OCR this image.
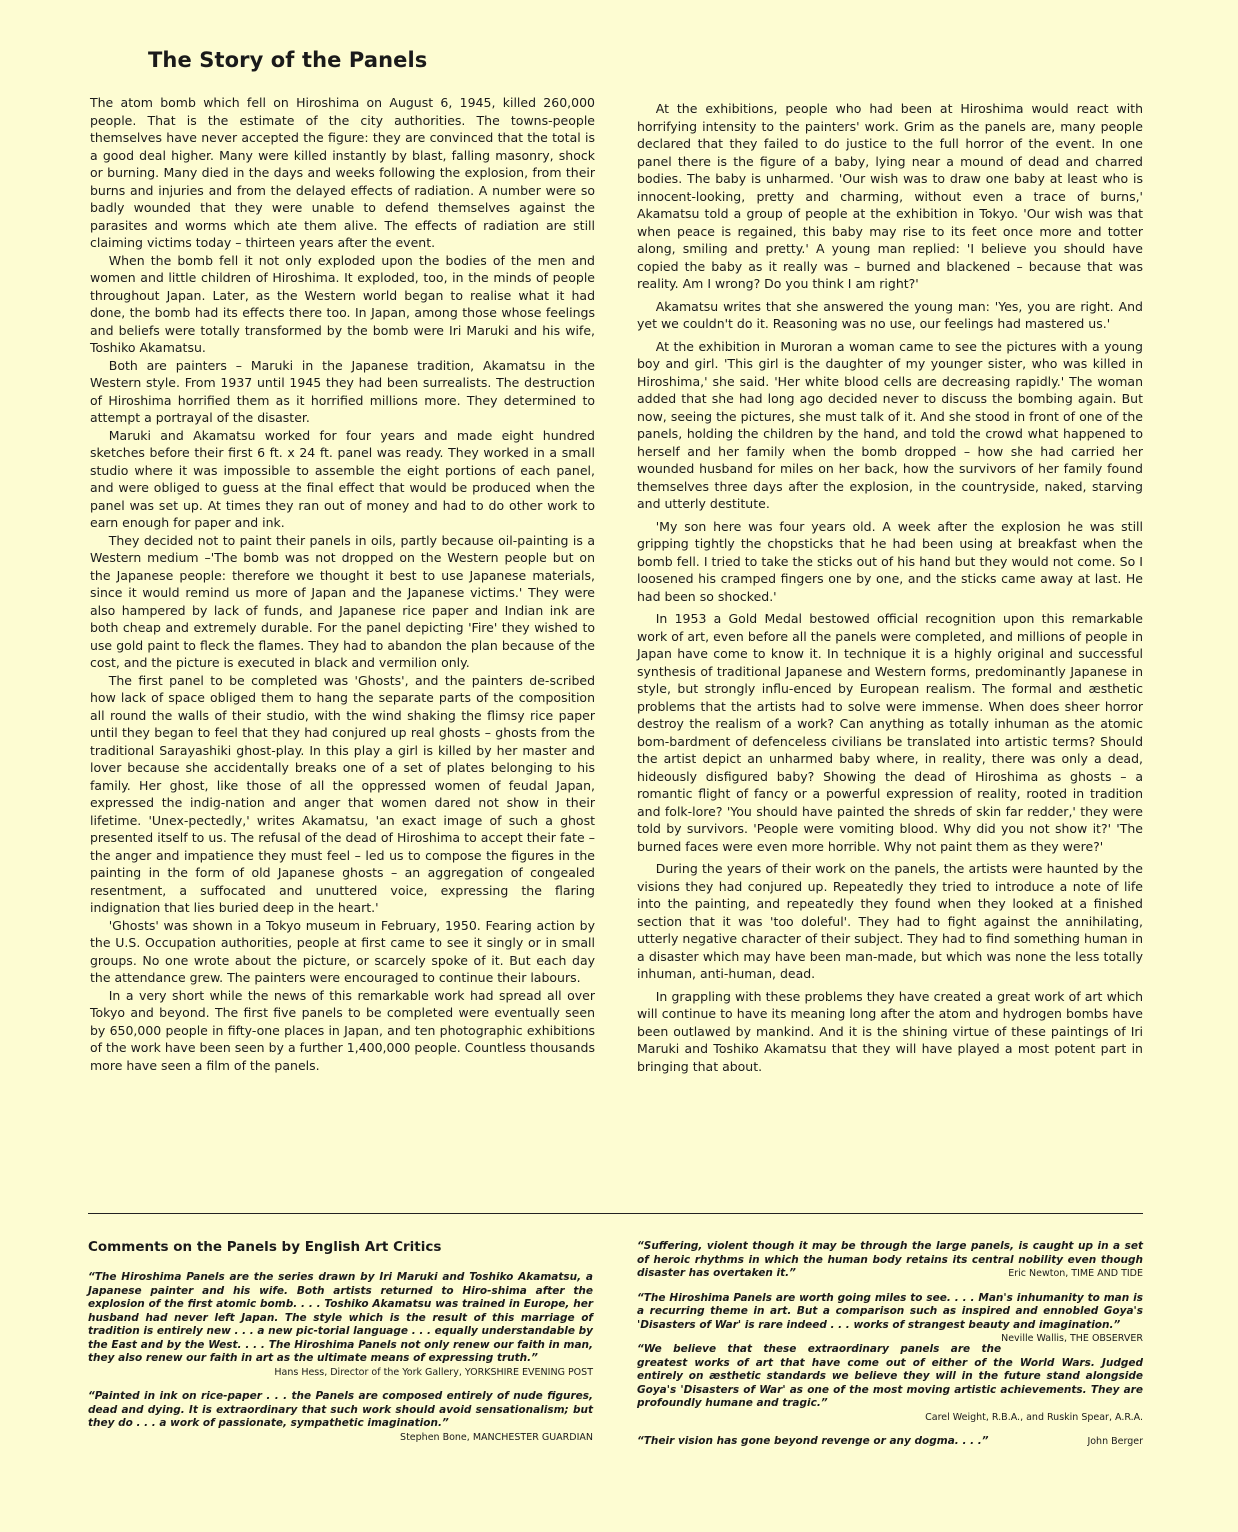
The Story of the Panels

The atom bomb which fell on Hiroshima on August 6, 1945, killed 260,000 people. That is the estimate of the city authorities. The towns-people themselves have never accepted the figure: they are convinced that the total is a good deal higher. Many were killed instantly by blast, falling masonry, shock or burning. Many died in the days and weeks following the explosion, from their burns and injuries and from the delayed effects of radiation. A number were so badly wounded that they were unable to defend themselves against the parasites and worms which ate them alive. The effects of radiation are still claiming victims today – thirteen years after the event.

When the bomb fell it not only exploded upon the bodies of the men and women and little children of Hiroshima. It exploded, too, in the minds of people throughout Japan. Later, as the Western world began to realise what it had done, the bomb had its effects there too. In Japan, among those whose feelings and beliefs were totally transformed by the bomb were Iri Maruki and his wife, Toshiko Akamatsu.

Both are painters – Maruki in the Japanese tradition, Akamatsu in the Western style. From 1937 until 1945 they had been surrealists. The destruction of Hiroshima horrified them as it horrified millions more. They determined to attempt a portrayal of the disaster.

Maruki and Akamatsu worked for four years and made eight hundred sketches before their first 6 ft. x 24 ft. panel was ready. They worked in a small studio where it was impossible to assemble the eight portions of each panel, and were obliged to guess at the final effect that would be produced when the panel was set up. At times they ran out of money and had to do other work to earn enough for paper and ink.

They decided not to paint their panels in oils, partly because oil-painting is a Western medium –'The bomb was not dropped on the Western people but on the Japanese people: therefore we thought it best to use Japanese materials, since it would remind us more of Japan and the Japanese victims.' They were also hampered by lack of funds, and Japanese rice paper and Indian ink are both cheap and extremely durable. For the panel depicting 'Fire' they wished to use gold paint to fleck the flames. They had to abandon the plan because of the cost, and the picture is executed in black and vermilion only.

The first panel to be completed was 'Ghosts', and the painters de-scribed how lack of space obliged them to hang the separate parts of the composition all round the walls of their studio, with the wind shaking the flimsy rice paper until they began to feel that they had conjured up real ghosts – ghosts from the traditional Sarayashiki ghost-play. In this play a girl is killed by her master and lover because she accidentally breaks one of a set of plates belonging to his family. Her ghost, like those of all the oppressed women of feudal Japan, expressed the indig-nation and anger that women dared not show in their lifetime. 'Unex-pectedly,' writes Akamatsu, 'an exact image of such a ghost presented itself to us. The refusal of the dead of Hiroshima to accept their fate – the anger and impatience they must feel – led us to compose the figures in the painting in the form of old Japanese ghosts – an aggregation of congealed resentment, a suffocated and unuttered voice, expressing the flaring indignation that lies buried deep in the heart.'

'Ghosts' was shown in a Tokyo museum in February, 1950. Fearing action by the U.S. Occupation authorities, people at first came to see it singly or in small groups. No one wrote about the picture, or scarcely spoke of it. But each day the attendance grew. The painters were encouraged to continue their labours.

In a very short while the news of this remarkable work had spread all over Tokyo and beyond. The first five panels to be completed were eventually seen by 650,000 people in fifty-one places in Japan, and ten photographic exhibitions of the work have been seen by a further 1,400,000 people. Countless thousands more have seen a film of the panels.

At the exhibitions, people who had been at Hiroshima would react with horrifying intensity to the painters' work. Grim as the panels are, many people declared that they failed to do justice to the full horror of the event. In one panel there is the figure of a baby, lying near a mound of dead and charred bodies. The baby is unharmed. 'Our wish was to draw one baby at least who is innocent-looking, pretty and charming, without even a trace of burns,' Akamatsu told a group of people at the exhibition in Tokyo. 'Our wish was that when peace is regained, this baby may rise to its feet once more and totter along, smiling and pretty.' A young man replied: 'I believe you should have copied the baby as it really was – burned and blackened – because that was reality. Am I wrong? Do you think I am right?'

Akamatsu writes that she answered the young man: 'Yes, you are right. And yet we couldn't do it. Reasoning was no use, our feelings had mastered us.'

At the exhibition in Muroran a woman came to see the pictures with a young boy and girl. 'This girl is the daughter of my younger sister, who was killed in Hiroshima,' she said. 'Her white blood cells are decreasing rapidly.' The woman added that she had long ago decided never to discuss the bombing again. But now, seeing the pictures, she must talk of it. And she stood in front of one of the panels, holding the children by the hand, and told the crowd what happened to herself and her family when the bomb dropped – how she had carried her wounded husband for miles on her back, how the survivors of her family found themselves three days after the explosion, in the countryside, naked, starving and utterly destitute.

'My son here was four years old. A week after the explosion he was still gripping tightly the chopsticks that he had been using at breakfast when the bomb fell. I tried to take the sticks out of his hand but they would not come. So I loosened his cramped fingers one by one, and the sticks came away at last. He had been so shocked.'

In 1953 a Gold Medal bestowed official recognition upon this remarkable work of art, even before all the panels were completed, and millions of people in Japan have come to know it. In technique it is a highly original and successful synthesis of traditional Japanese and Western forms, predominantly Japanese in style, but strongly influ-enced by European realism. The formal and æsthetic problems that the artists had to solve were immense. When does sheer horror destroy the realism of a work? Can anything as totally inhuman as the atomic bom-bardment of defenceless civilians be translated into artistic terms? Should the artist depict an unharmed baby where, in reality, there was only a dead, hideously disfigured baby? Showing the dead of Hiroshima as ghosts – a romantic flight of fancy or a powerful expression of reality, rooted in tradition and folk-lore? 'You should have painted the shreds of skin far redder,' they were told by survivors. 'People were vomiting blood. Why did you not show it?' 'The burned faces were even more horrible. Why not paint them as they were?'

During the years of their work on the panels, the artists were haunted by the visions they had conjured up. Repeatedly they tried to introduce a note of life into the painting, and repeatedly they found when they looked at a finished section that it was 'too doleful'. They had to fight against the annihilating, utterly negative character of their subject. They had to find something human in a disaster which may have been man-made, but which was none the less totally inhuman, anti-human, dead.

In grappling with these problems they have created a great work of art which will continue to have its meaning long after the atom and hydrogen bombs have been outlawed by mankind. And it is the shining virtue of these paintings of Iri Maruki and Toshiko Akamatsu that they will have played a most potent part in bringing that about.

Comments on the Panels by English Art Critics
“The Hiroshima Panels are the series drawn by Iri Maruki and Toshiko Akamatsu, a Japanese painter and his wife. Both artists returned to Hiro-shima after the explosion of the first atomic bomb. . . . Toshiko Akamatsu was trained in Europe, her husband had never left Japan. The style which is the result of this marriage of tradition is entirely new . . . a new pic-torial language . . . equally understandable by the East and by the West. . . . The Hiroshima Panels not only renew our faith in man, they also renew our faith in art as the ultimate means of expressing truth.”
Hans Hess, Director of the York Gallery, YORKSHIRE EVENING POST
“Painted in ink on rice-paper . . . the Panels are composed entirely of nude figures, dead and dying. It is extraordinary that such work should avoid sensationalism; but they do . . . a work of passionate, sympathetic imagination.”
Stephen Bone, MANCHESTER GUARDIAN
“Suffering, violent though it may be through the large panels, is caught up in a set of heroic rhythms in which the human body retains its central nobility even though disaster has overtaken it.”	Eric Newton, TIME AND TIDE
“The Hiroshima Panels are worth going miles to see. . . . Man's inhumanity to man is a recurring theme in art. But a comparison such as inspired and ennobled Goya's 'Disasters of War' is rare indeed . . . works of strangest beauty and imagination.”
Neville Wallis, THE OBSERVER
“We believe that these extraordinary panels are the greatest works of art that have come out of either of the World Wars. Judged entirely on æsthetic standards we believe they will in the future stand alongside Goya's 'Disasters of War' as one of the most moving artistic achievements. They are profoundly humane and tragic.”
Carel Weight, R.B.A., and Ruskin Spear, A.R.A.
“Their vision has gone beyond revenge or any dogma. . . .”	John Berger
